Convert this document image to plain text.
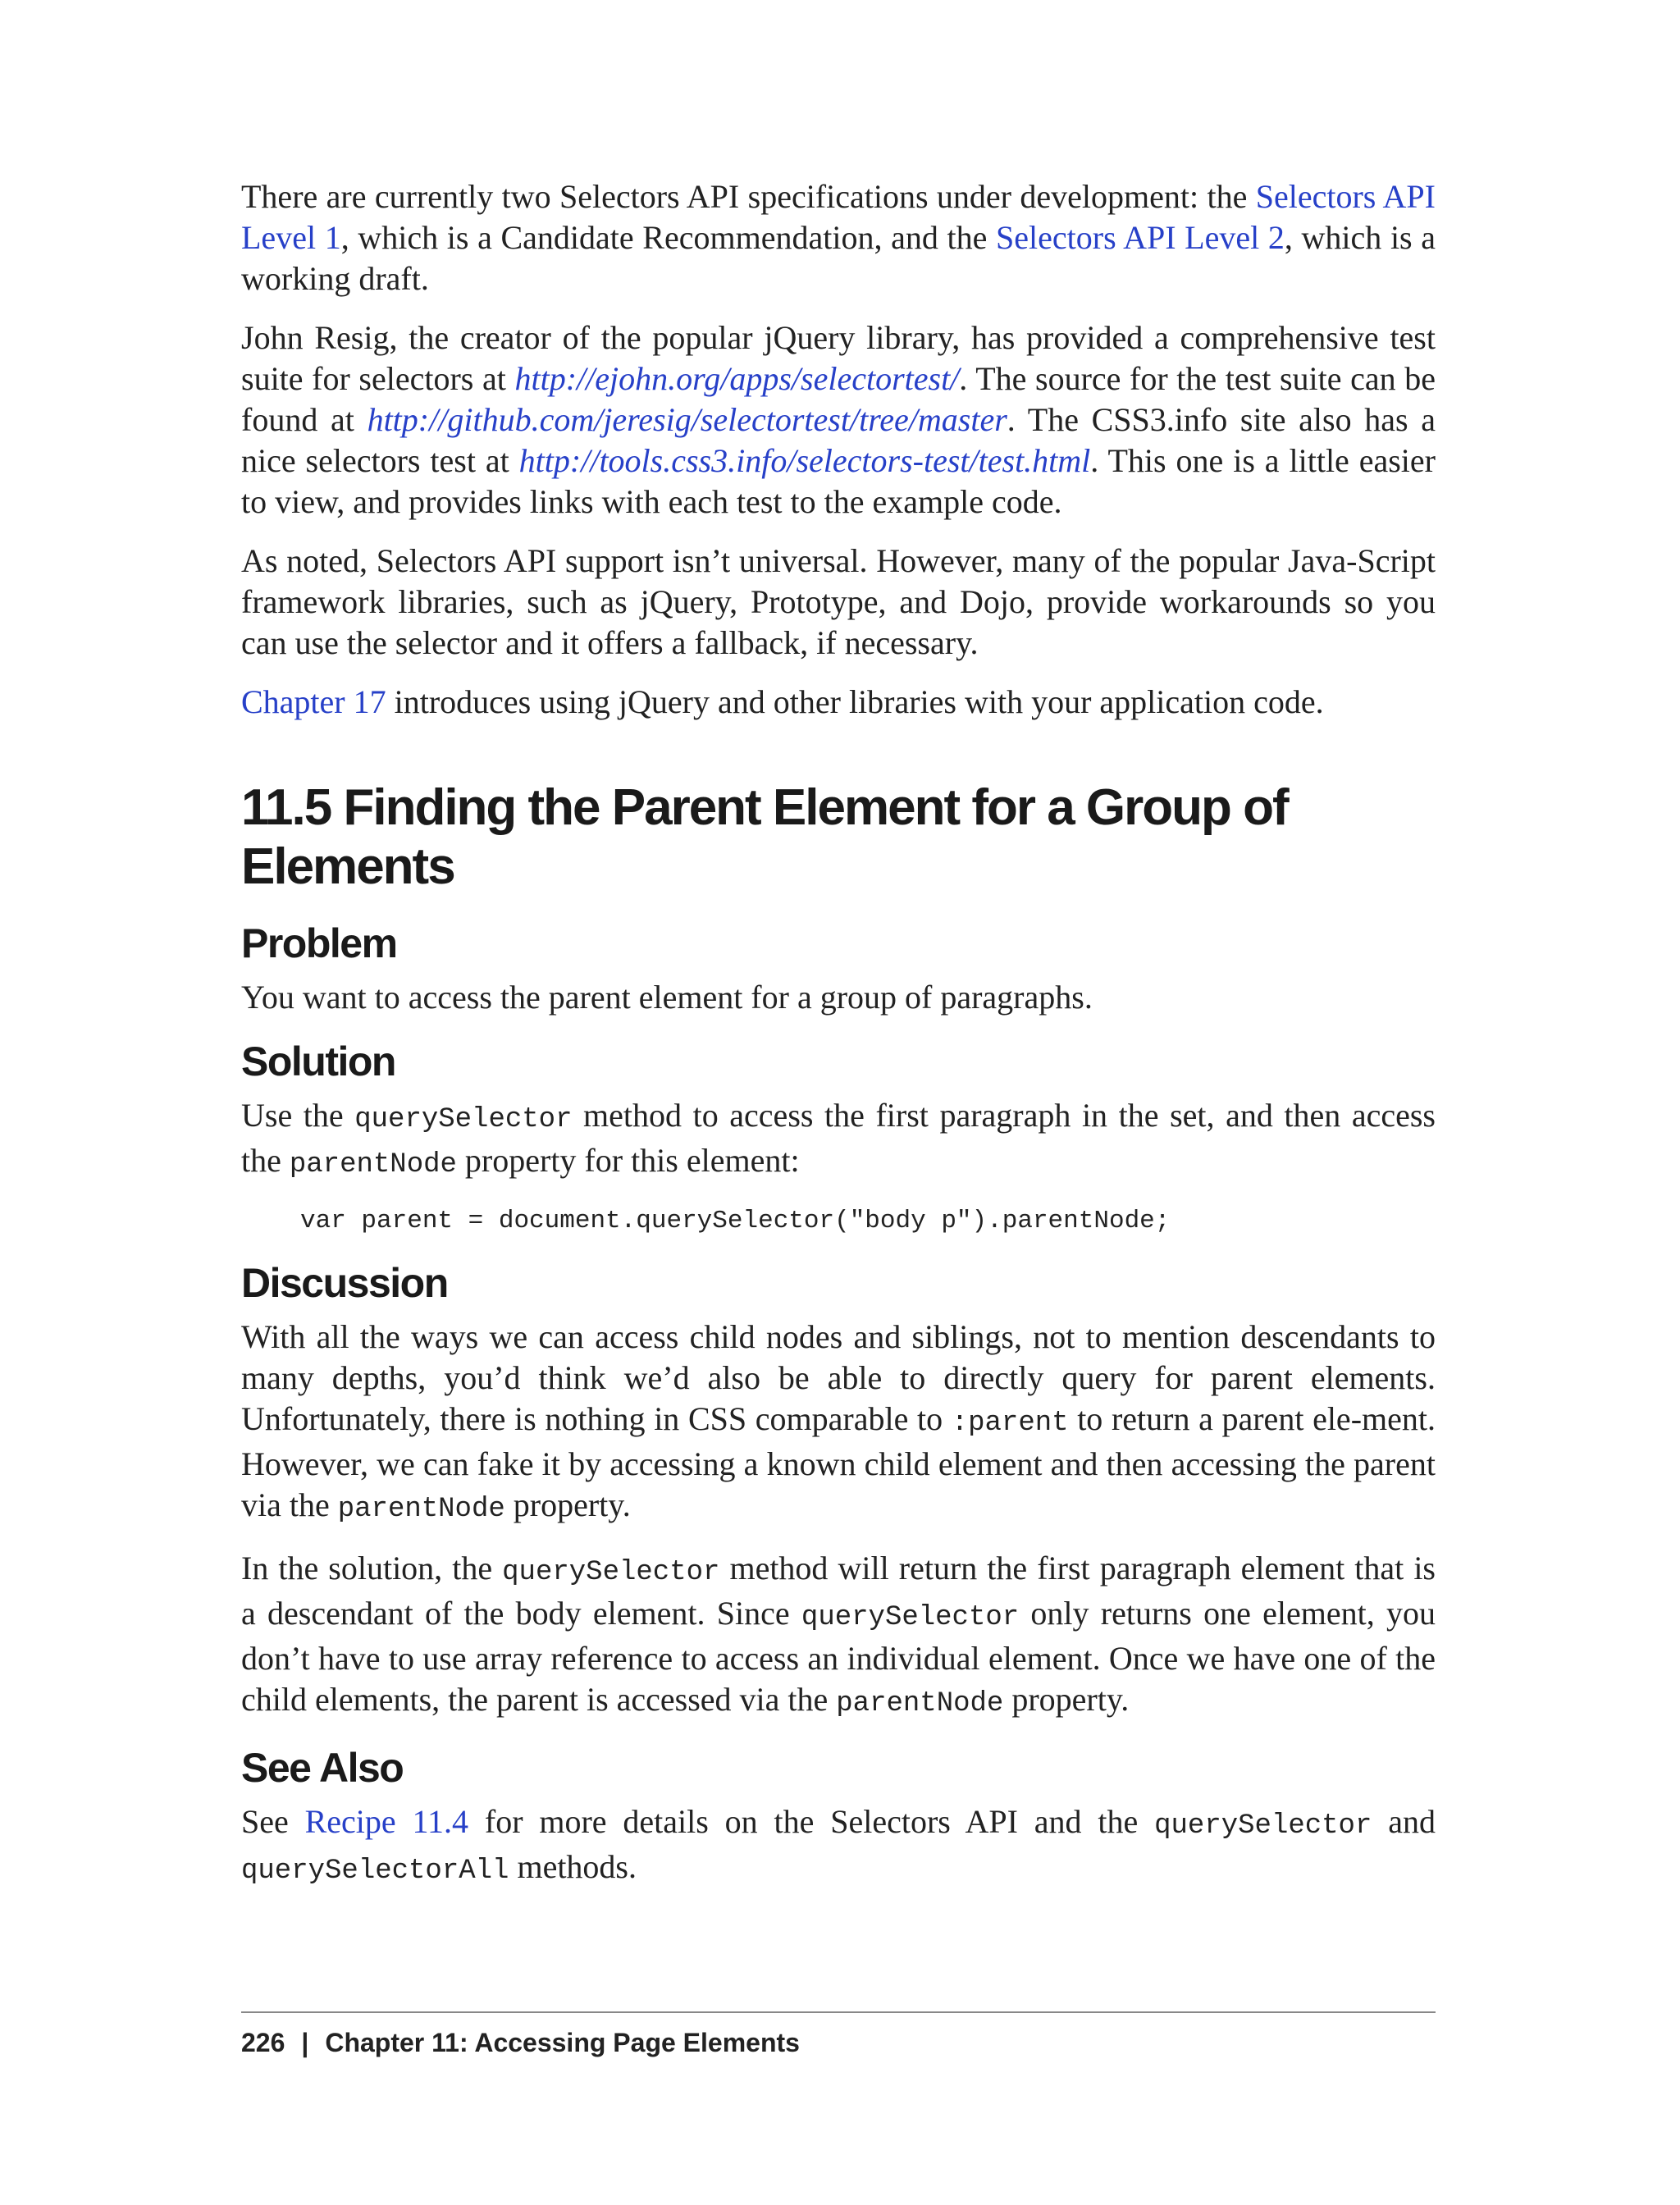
There are currently two Selectors API specifications under development: the Selectors API Level 1, which is a Candidate Recommendation, and the Selectors API Level 2, which is a working draft.

John Resig, the creator of the popular jQuery library, has provided a comprehensive test suite for selectors at http://ejohn.org/apps/selectortest/. The source for the test suite can be found at http://github.com/jeresig/selectortest/tree/master. The CSS3.info site also has a nice selectors test at http://tools.css3.info/selectors-test/test.html. This one is a little easier to view, and provides links with each test to the example code.

As noted, Selectors API support isn’t universal. However, many of the popular Java-Script framework libraries, such as jQuery, Prototype, and Dojo, provide workarounds so you can use the selector and it offers a fallback, if necessary.

Chapter 17 introduces using jQuery and other libraries with your application code.

11.5 Finding the Parent Element for a Group of Elements
Problem

You want to access the parent element for a group of paragraphs.

Solution

Use the querySelector method to access the first paragraph in the set, and then access the parentNode property for this element:

var parent = document.querySelector("body p").parentNode;
Discussion

With all the ways we can access child nodes and siblings, not to mention descendants to many depths, you’d think we’d also be able to directly query for parent elements. Unfortunately, there is nothing in CSS comparable to :parent to return a parent ele-ment. However, we can fake it by accessing a known child element and then accessing the parent via the parentNode property.

In the solution, the querySelector method will return the first paragraph element that is a descendant of the body element. Since querySelector only returns one element, you don’t have to use array reference to access an individual element. Once we have one of the child elements, the parent is accessed via the parentNode property.

See Also

See Recipe 11.4 for more details on the Selectors API and the querySelector and querySelectorAll methods.

226 | Chapter 11: Accessing Page Elements
